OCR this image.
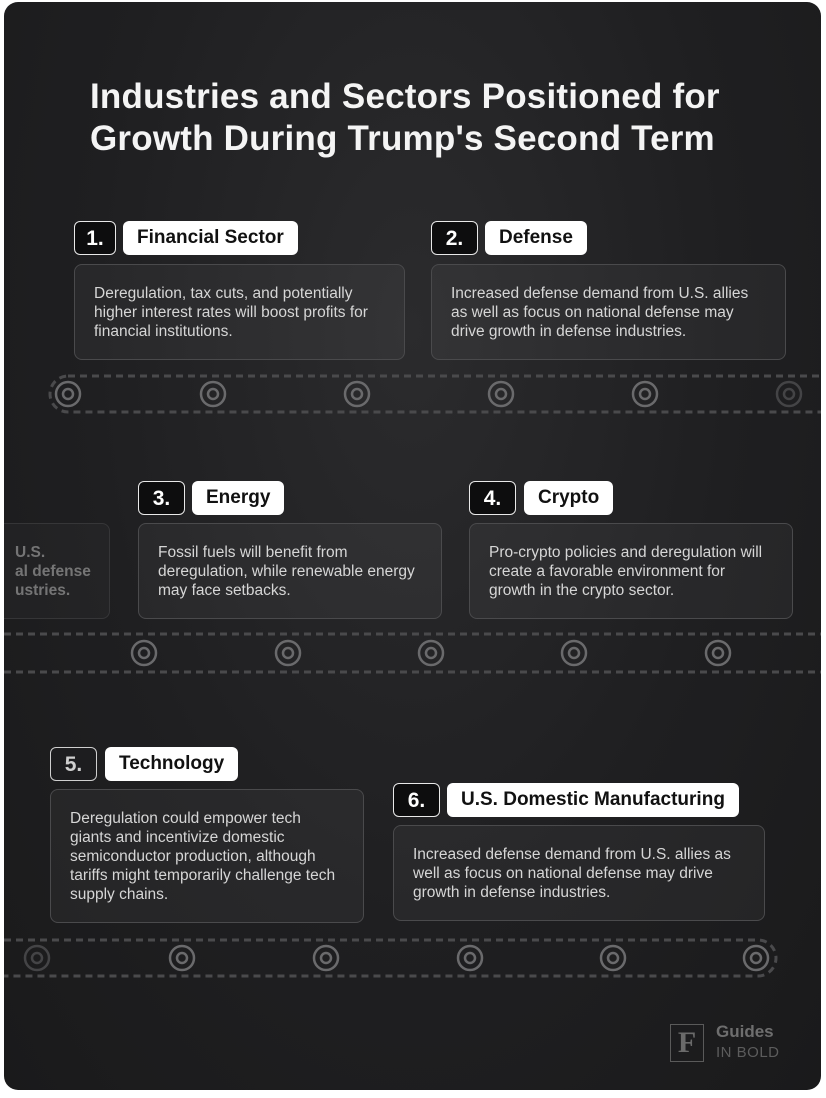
Industries and Sectors Positioned for Growth During Trump's Second Term
1.	Financial Sector
Deregulation, tax cuts, and potentially higher interest rates will boost profits for financial institutions.
2.	Defense
Increased defense demand from U.S. allies as well as focus on national defense may drive growth in defense industries.
U.S.
al defense
ustries.
3.	Energy
Fossil fuels will benefit from deregulation, while renewable energy may face setbacks.
4.	Crypto
Pro-crypto policies and deregulation will create a favorable environment for growth in the crypto sector.
5.	Technology
Deregulation could empower tech giants and incentivize domestic semiconductor production, although tariffs might temporarily challenge tech supply chains.
6.	U.S. Domestic Manufacturing
Increased defense demand from U.S. allies as well as focus on national defense may drive growth in defense industries.
F	Guides
IN BOLD
